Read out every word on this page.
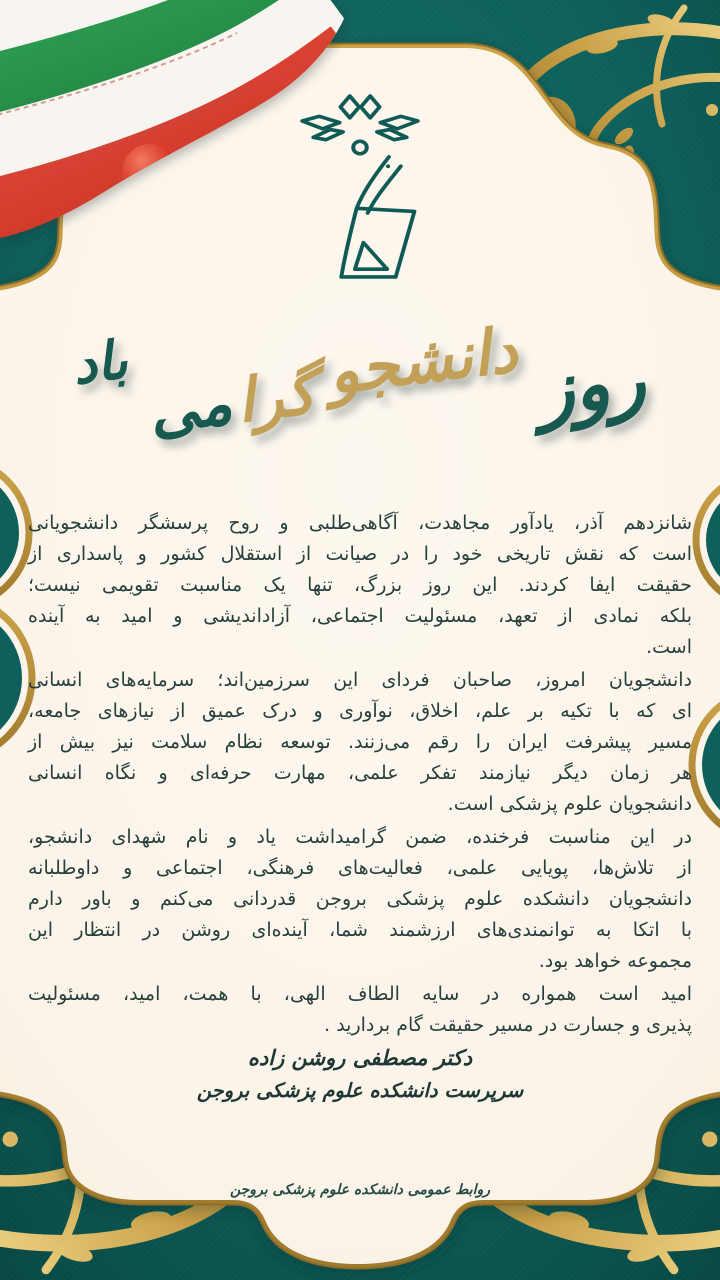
روز
دانشجو
گرا
می
باد

شانزدهم آذر، یادآور مجاهدت، آگاهی‌طلبی و روح پرسشگر دانشجویانی
است که نقش تاریخی خود را در صیانت از استقلال کشور و پاسداری از
حقیقت ایفا کردند. این روز بزرگ، تنها یک مناسبت تقویمی نیست؛
بلکه نمادی از تعهد، مسئولیت اجتماعی، آزاداندیشی و امید به آینده
است.

دانشجویان امروز، صاحبان فردای این سرزمین‌اند؛ سرمایه‌های انسانی
ای که با تکیه بر علم، اخلاق، نوآوری و درک عمیق از نیازهای جامعه،
مسیر پیشرفت ایران را رقم می‌زنند. توسعه نظام سلامت نیز بیش از
هر زمان دیگر نیازمند تفکر علمی، مهارت حرفه‌ای و نگاه انسانی
دانشجویان علوم پزشکی است.

در این مناسبت فرخنده، ضمن گرامیداشت یاد و نام شهدای دانشجو،
از تلاش‌ها، پویایی علمی، فعالیت‌های فرهنگی، اجتماعی و داوطلبانه
دانشجویان دانشکده علوم پزشکی بروجن قدردانی می‌کنم و باور دارم
با اتکا به توانمندی‌های ارزشمند شما، آینده‌ای روشن در انتظار این
مجموعه خواهد بود.

امید است همواره در سایه الطاف الهی، با همت، امید، مسئولیت
پذیری و جسارت در مسیر حقیقت گام بردارید .

دکتر مصطفی روشن زاده
سرپرست دانشکده علوم پزشکی بروجن
روابط عمومی دانشکده علوم پزشکی بروجن
